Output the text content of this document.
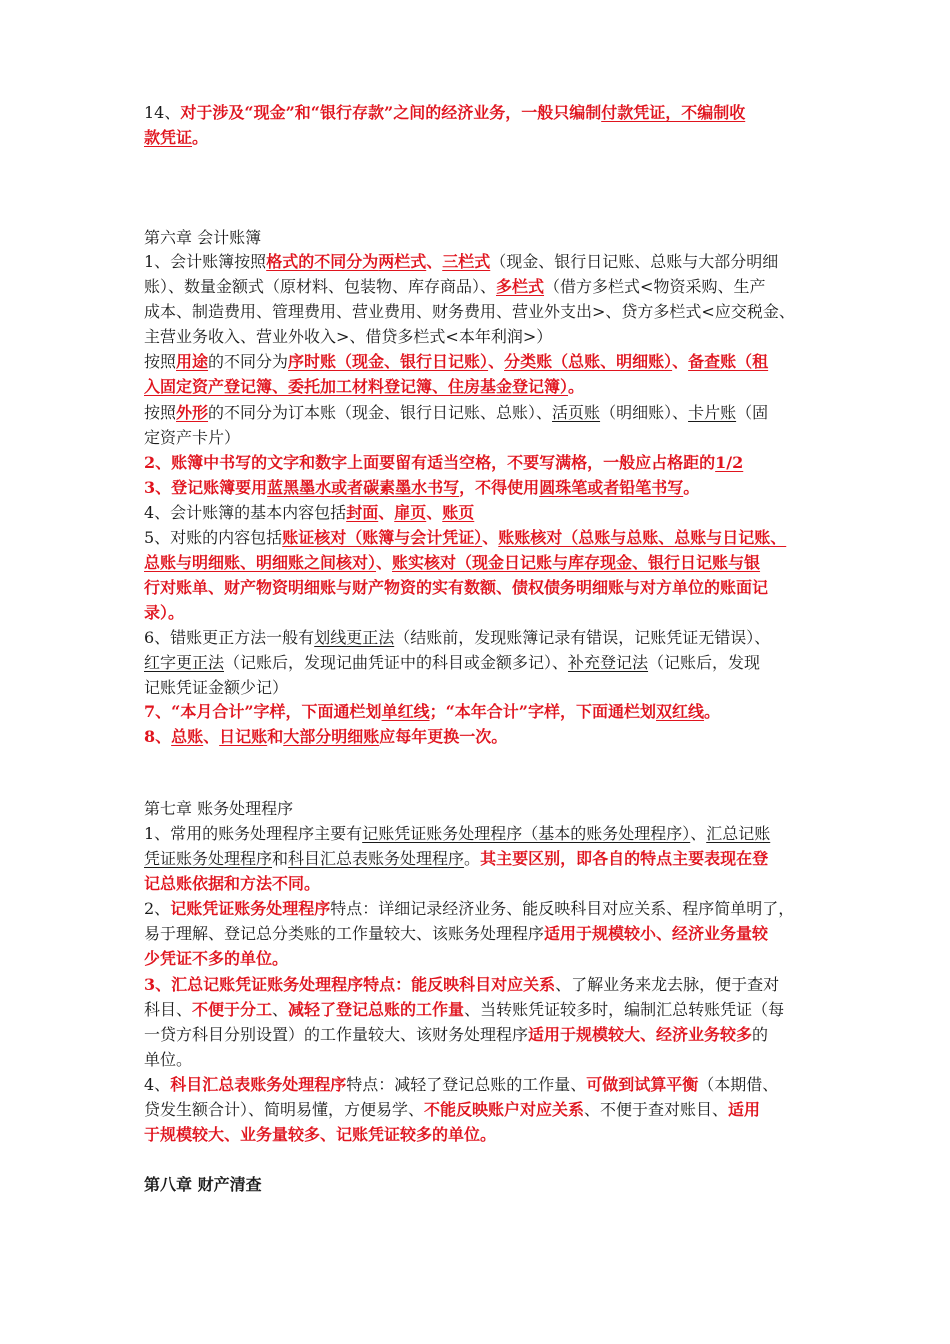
14、对于涉及“现金”和“银行存款”之间的经济业务，一般只编制付款凭证，不编制收
款凭证。
第六章 会计账簿
1、会计账簿按照格式的不同分为两栏式、三栏式（现金、银行日记账、总账与大部分明细
账）、数量金额式（原材料、包装物、库存商品）、多栏式（借方多栏式<物资采购、生产
成本、制造费用、管理费用、营业费用、财务费用、营业外支出>、贷方多栏式<应交税金、
主营业务收入、营业外收入>、借贷多栏式<本年利润>）
按照用途的不同分为序时账（现金、银行日记账）、分类账（总账、明细账）、备查账（租
入固定资产登记簿、委托加工材料登记簿、住房基金登记簿）。
按照外形的不同分为订本账（现金、银行日记账、总账）、活页账（明细账）、卡片账（固
定资产卡片）
2、账簿中书写的文字和数字上面要留有适当空格，不要写满格，一般应占格距的1/2
3、登记账簿要用蓝黑墨水或者碳素墨水书写，不得使用圆珠笔或者铅笔书写。
4、会计账簿的基本内容包括封面、扉页、账页
5、对账的内容包括账证核对（账簿与会计凭证）、账账核对（总账与总账、总账与日记账、
总账与明细账、明细账之间核对）、账实核对（现金日记账与库存现金、银行日记账与银
行对账单、财产物资明细账与财产物资的实有数额、债权债务明细账与对方单位的账面记
录）。
6、错账更正方法一般有划线更正法（结账前，发现账簿记录有错误，记账凭证无错误）、
红字更正法（记账后，发现记曲凭证中的科目或金额多记）、补充登记法（记账后，发现
记账凭证金额少记）
7、“本月合计”字样，下面通栏划单红线；“本年合计”字样，下面通栏划双红线。
8、总账、日记账和大部分明细账应每年更换一次。
第七章 账务处理程序
1、常用的账务处理程序主要有记账凭证账务处理程序（基本的账务处理程序）、汇总记账
凭证账务处理程序和科目汇总表账务处理程序。其主要区别，即各自的特点主要表现在登
记总账依据和方法不同。
2、记账凭证账务处理程序特点：详细记录经济业务、能反映科目对应关系、程序简单明了，
易于理解、登记总分类账的工作量较大、该账务处理程序适用于规模较小、经济业务量较
少凭证不多的单位。
3、汇总记账凭证账务处理程序特点：能反映科目对应关系、了解业务来龙去脉，便于查对
科目、不便于分工、减轻了登记总账的工作量、当转账凭证较多时，编制汇总转账凭证（每
一贷方科目分别设置）的工作量较大、该财务处理程序适用于规模较大、经济业务较多的
单位。
4、科目汇总表账务处理程序特点：减轻了登记总账的工作量、可做到试算平衡（本期借、
贷发生额合计）、简明易懂，方便易学、不能反映账户对应关系、不便于查对账目、适用
于规模较大、业务量较多、记账凭证较多的单位。
第八章 财产清查
